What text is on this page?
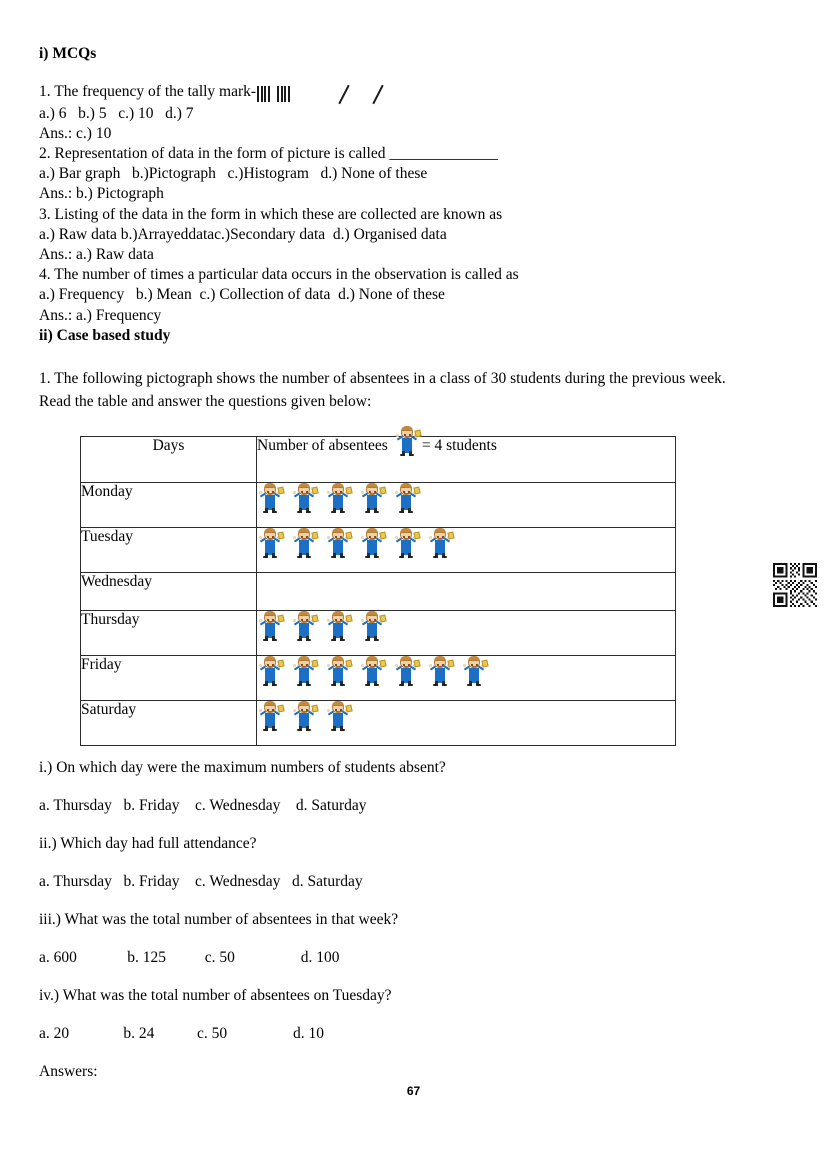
i) MCQs
1. The frequency of the tally mark-

a.) 6   b.) 5   c.) 10   d.) 7

Ans.: c.) 10

2. Representation of data in the form of picture is called ______________

a.) Bar graph   b.)Pictograph   c.)Histogram   d.) None of these

Ans.: b.) Pictograph

3. Listing of the data in the form in which these are collected are known as

a.) Raw data b.)Arrayeddatac.)Secondary data  d.) Organised data

Ans.: a.) Raw data

4. The number of times a particular data occurs in the observation is called as

a.) Frequency   b.) Mean  c.) Collection of data  d.) None of these

Ans.: a.) Frequency

ii) Case based study

1. The following pictograph shows the number of absentees in a class of 30 students during the previous week.
Read the table and answer the questions given below:

Days	Number of absentees = 4 students
Monday	

Tuesday	

Wednesday	
Thursday	

Friday	

Saturday	

i.) On which day were the maximum numbers of students absent?

a. Thursday   b. Friday    c. Wednesday    d. Saturday

ii.) Which day had full attendance?

a. Thursday   b. Friday    c. Wednesday   d. Saturday

iii.) What was the total number of absentees in that week?

a. 600             b. 125          c. 50                 d. 100

iv.) What was the total number of absentees on Tuesday?

a. 20              b. 24           c. 50                 d. 10

Answers:

67
